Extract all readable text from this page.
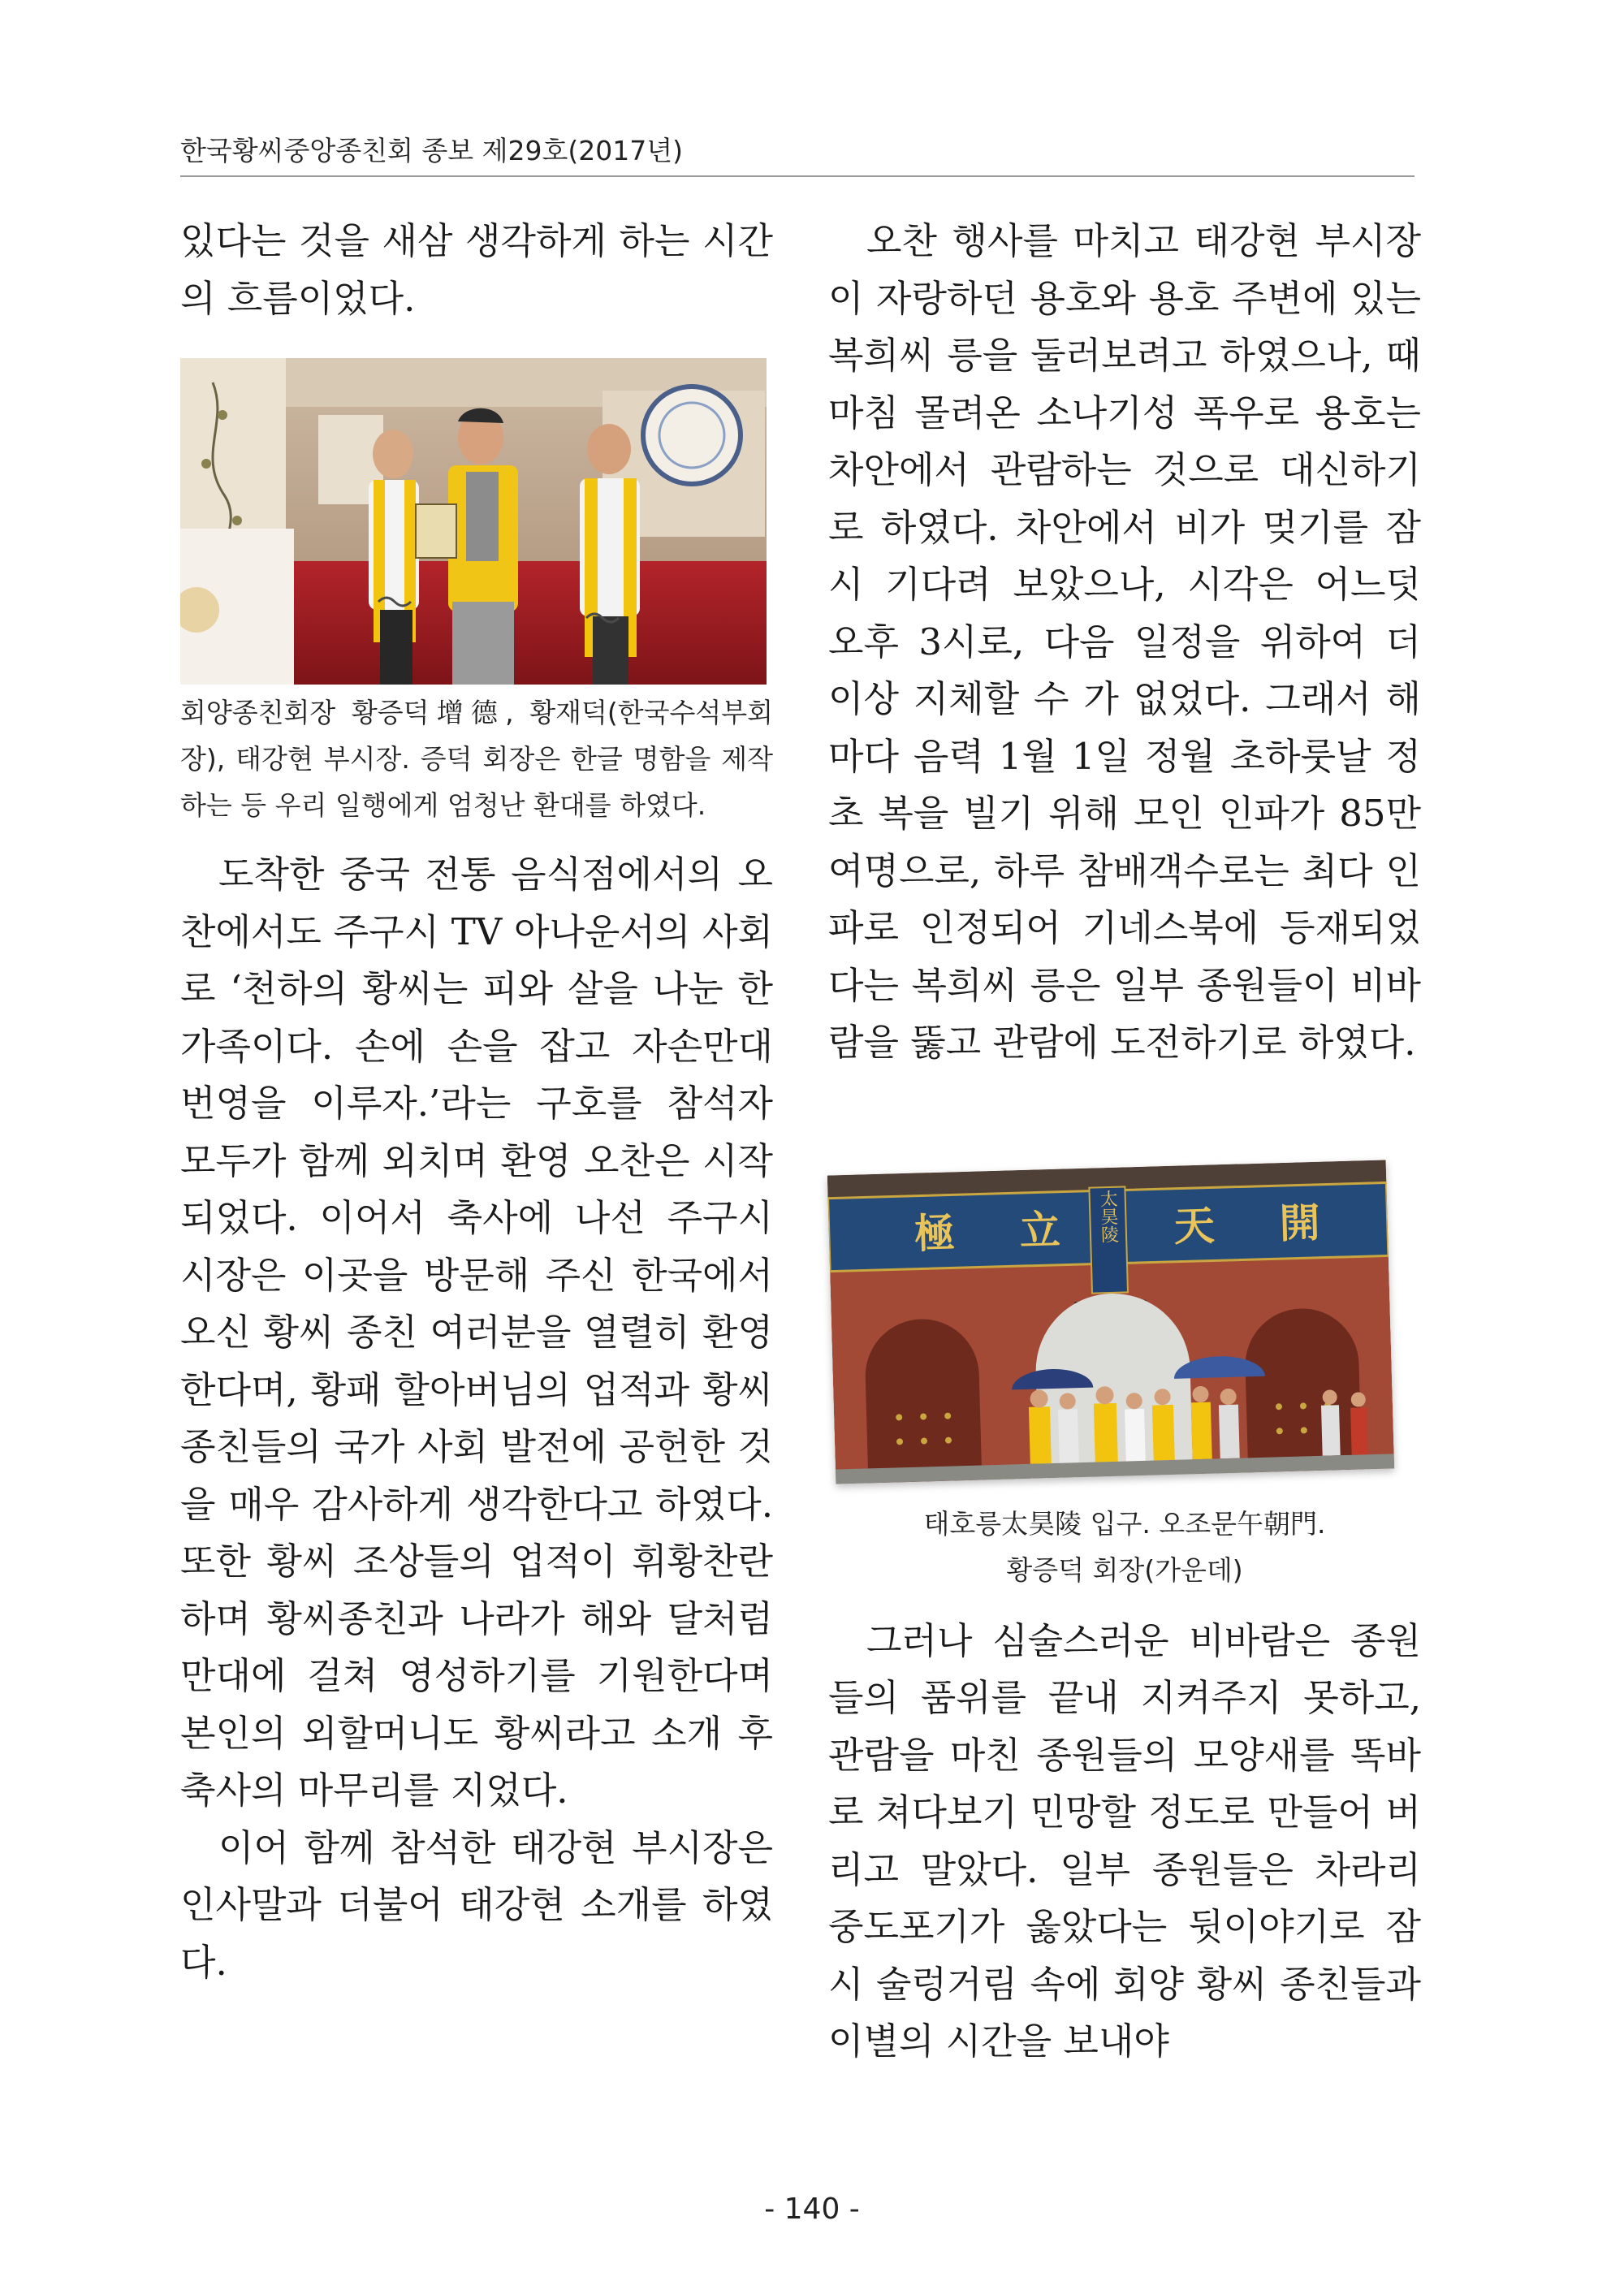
한국황씨중앙종친회 종보 제29호(2017년)

있다는 것을 새삼 생각하게 하는 시간의 흐름이었다.

회양종친회장 황증덕增德, 황재덕(한국수석부회장), 태강현 부시장. 증덕 회장은 한글 명함을 제작하는 등 우리 일행에게 엄청난 환대를 하였다.

도착한 중국 전통 음식점에서의 오찬에서도 주구시 TV 아나운서의 사회로 ‘천하의 황씨는 피와 살을 나눈 한 가족이다. 손에 손을 잡고 자손만대 번영을 이루자.’라는 구호를 참석자 모두가 함께 외치며 환영 오찬은 시작되었다. 이어서 축사에 나선 주구시 시장은 이곳을 방문해 주신 한국에서 오신 황씨 종친 여러분을 열렬히 환영한다며, 황패 할아버님의 업적과 황씨 종친들의 국가 사회 발전에 공헌한 것을 매우 감사하게 생각한다고 하였다. 또한 황씨 조상들의 업적이 휘황찬란하며 황씨종친과 나라가 해와 달처럼 만대에 걸쳐 영성하기를 기원한다며 본인의 외할머니도 황씨라고 소개 후 축사의 마무리를 지었다.

이어 함께 참석한 태강현 부시장은 인사말과 더불어 태강현 소개를 하였다.

오찬 행사를 마치고 태강현 부시장이 자랑하던 용호와 용호 주변에 있는 복희씨 릉을 둘러보려고 하였으나, 때마침 몰려온 소나기성 폭우로 용호는 차안에서 관람하는 것으로 대신하기로 하였다. 차안에서 비가 멎기를 잠시 기다려 보았으나, 시각은 어느덧 오후 3시로, 다음 일정을 위하여 더 이상 지체할 수 가 없었다. 그래서 해마다 음력 1월 1일 정월 초하룻날 정초 복을 빌기 위해 모인 인파가 85만 여명으로, 하루 참배객수로는 최다 인파로 인정되어 기네스북에 등재되었다는 복희씨 릉은 일부 종원들이 비바람을 뚫고 관람에 도전하기로 하였다.

極 立	天 開
太昊陵
태호릉太昊陵 입구. 오조문午朝門.
황증덕 회장(가운데)

그러나 심술스러운 비바람은 종원들의 품위를 끝내 지켜주지 못하고, 관람을 마친 종원들의 모양새를 똑바로 쳐다보기 민망할 정도로 만들어 버리고 말았다. 일부 종원들은 차라리 중도포기가 옳았다는 뒷이야기로 잠시 술렁거림 속에 회양 황씨 종친들과 이별의 시간을 보내야

- 140 -
